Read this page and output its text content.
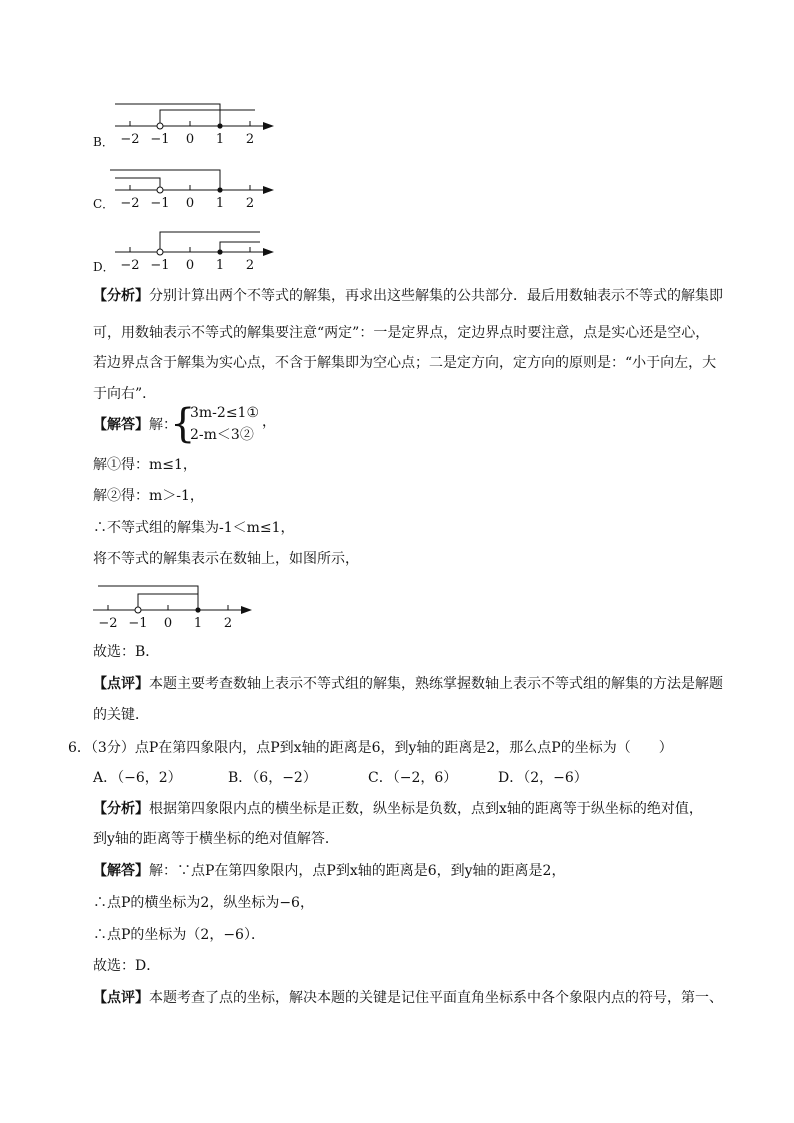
B． −2 −1 0 1 2
C． −2 −1 0 1 2
D． −2 −1 0 1 2
【分析】分别计算出两个不等式的解集，再求出这些解集的公共部分．最后用数轴表示不等式的解集即
可，用数轴表示不等式的解集要注意“两定”：一是定界点，定边界点时要注意，点是实心还是空心，
若边界点含于解集为实心点，不含于解集即为空心点；二是定方向，定方向的原则是：“小于向左，大
于向右”．
【解答】解：
{
3m-2≤1①
2-m＜3②
，
解①得：m≤1，
解②得：m＞-1，
∴不等式组的解集为-1＜m≤1，
将不等式的解集表示在数轴上，如图所示，
−2 −1 0 1 2
故选：B．
【点评】本题主要考查数轴上表示不等式组的解集，熟练掌握数轴上表示不等式组的解集的方法是解题
的关键．
6．（3分）点P在第四象限内，点P到x轴的距离是6，到y轴的距离是2，那么点P的坐标为（　　）
A．（−6，2）	B．（6，−2）	C．（−2，6）	D．（2，−6）
【分析】根据第四象限内点的横坐标是正数，纵坐标是负数，点到x轴的距离等于纵坐标的绝对值，
到y轴的距离等于横坐标的绝对值解答．
【解答】解：∵点P在第四象限内，点P到x轴的距离是6，到y轴的距离是2，
∴点P的横坐标为2，纵坐标为−6，
∴点P的坐标为（2，−6）．
故选：D．
【点评】本题考查了点的坐标，解决本题的关键是记住平面直角坐标系中各个象限内点的符号，第一、
